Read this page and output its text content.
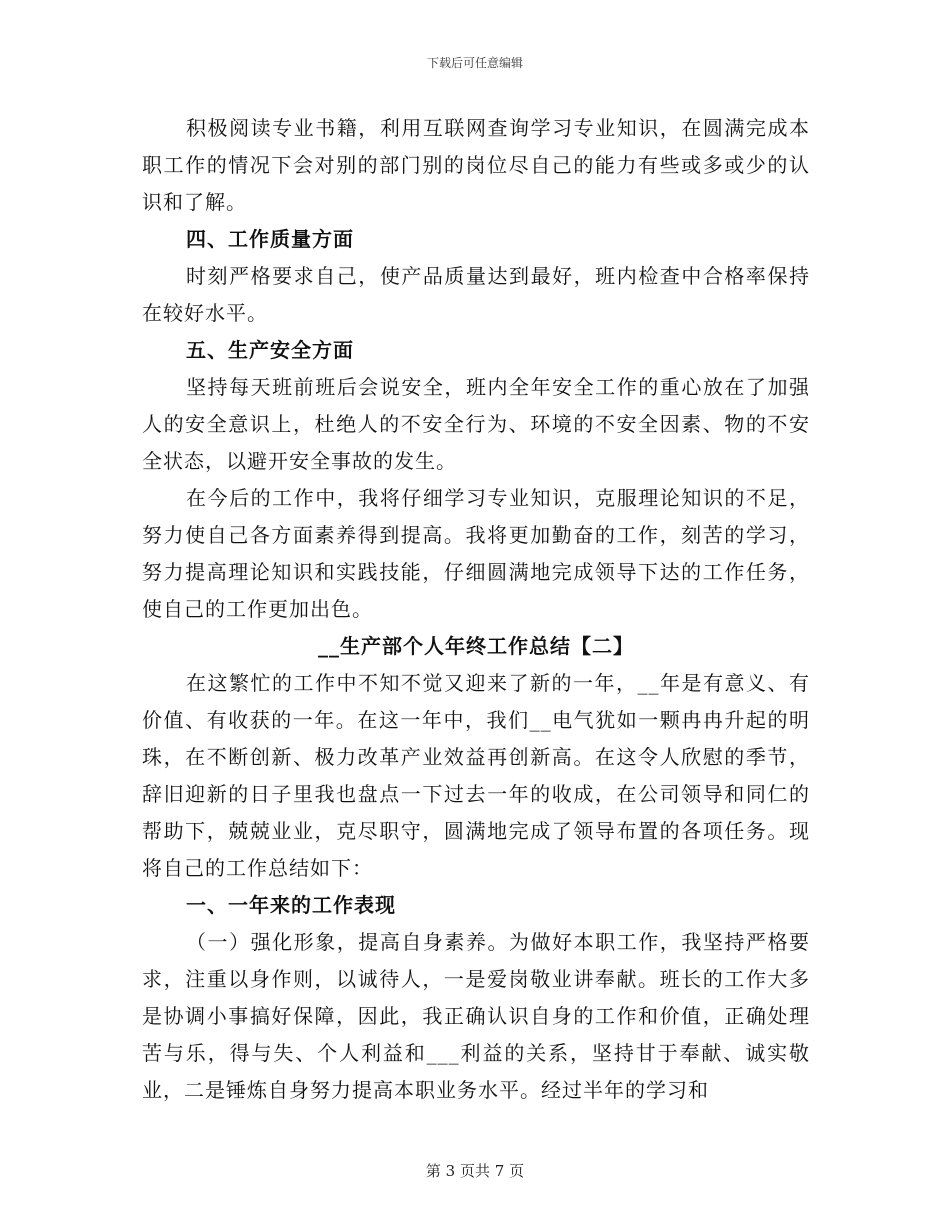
下载后可任意编辑

积极阅读专业书籍，利用互联网查询学习专业知识，在圆满完成本职工作的情况下会对别的部门别的岗位尽自己的能力有些或多或少的认识和了解。

四、工作质量方面

时刻严格要求自己，使产品质量达到最好，班内检查中合格率保持在较好水平。

五、生产安全方面

坚持每天班前班后会说安全，班内全年安全工作的重心放在了加强人的安全意识上，杜绝人的不安全行为、环境的不安全因素、物的不安全状态，以避开安全事故的发生。

在今后的工作中，我将仔细学习专业知识，克服理论知识的不足，努力使自己各方面素养得到提高。我将更加勤奋的工作，刻苦的学习，努力提高理论知识和实践技能，仔细圆满地完成领导下达的工作任务，使自己的工作更加出色。

__生产部个人年终工作总结【二】

在这繁忙的工作中不知不觉又迎来了新的一年，__年是有意义、有价值、有收获的一年。在这一年中，我们__电气犹如一颗冉冉升起的明珠，在不断创新、极力改革产业效益再创新高。在这令人欣慰的季节，辞旧迎新的日子里我也盘点一下过去一年的收成，在公司领导和同仁的帮助下，兢兢业业，克尽职守，圆满地完成了领导布置的各项任务。现将自己的工作总结如下：

一、一年来的工作表现

（一）强化形象，提高自身素养。为做好本职工作，我坚持严格要求，注重以身作则，以诚待人，一是爱岗敬业讲奉献。班长的工作大多是协调小事搞好保障，因此，我正确认识自身的工作和价值，正确处理苦与乐，得与失、个人利益和___利益的关系，坚持甘于奉献、诚实敬业，二是锤炼自身努力提高本职业务水平。经过半年的学习和

第 3 页共 7 页
